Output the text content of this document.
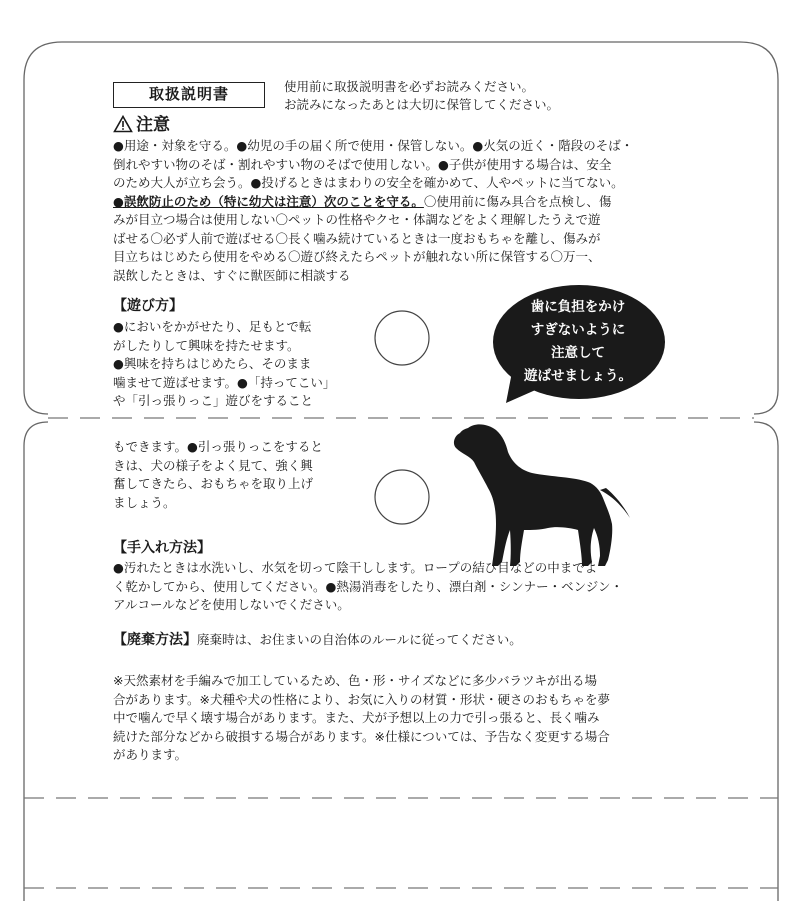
取扱説明書	使用前に取扱説明書を必ずお読みください。

お読みになったあとは大切に保管してください。

注意

●用途・対象を守る。●幼児の手の届く所で使用・保管しない。●火気の近く・階段のそば・

倒れやすい物のそば・割れやすい物のそばで使用しない。●子供が使用する場合は、安全

のため大人が立ち会う。●投げるときはまわりの安全を確かめて、人やペットに当てない。

●誤飲防止のため（特に幼犬は注意）次のことを守る。〇使用前に傷み具合を点検し、傷

みが目立つ場合は使用しない〇ペットの性格やクセ・体調などをよく理解したうえで遊

ばせる〇必ず人前で遊ばせる〇長く噛み続けているときは一度おもちゃを離し、傷みが

目立ちはじめたら使用をやめる〇遊び終えたらペットが触れない所に保管する〇万一、

誤飲したときは、すぐに獣医師に相談する

【遊び方】

●においをかがせたり、足もとで転

がしたりして興味を持たせます。

●興味を持ちはじめたら、そのまま

噛ませて遊ばせます。●「持ってこい」

や「引っ張りっこ」遊びをすること

もできます。●引っ張りっこをすると

きは、犬の様子をよく見て、強く興

奮してきたら、おもちゃを取り上げ

ましょう。

歯に負担をかけ

すぎないように

注意して

遊ばせましょう。

【手入れ方法】

●汚れたときは水洗いし、水気を切って陰干しします。ロープの結び目などの中までよ

く乾かしてから、使用してください。●熱湯消毒をしたり、漂白剤・シンナー・ベンジン・

アルコールなどを使用しないでください。

【廃棄方法】廃棄時は、お住まいの自治体のルールに従ってください。

※天然素材を手編みで加工しているため、色・形・サイズなどに多少バラツキが出る場

合があります。※犬種や犬の性格により、お気に入りの材質・形状・硬さのおもちゃを夢

中で噛んで早く壊す場合があります。また、犬が予想以上の力で引っ張ると、長く噛み

続けた部分などから破損する場合があります。※仕様については、予告なく変更する場合

があります。
